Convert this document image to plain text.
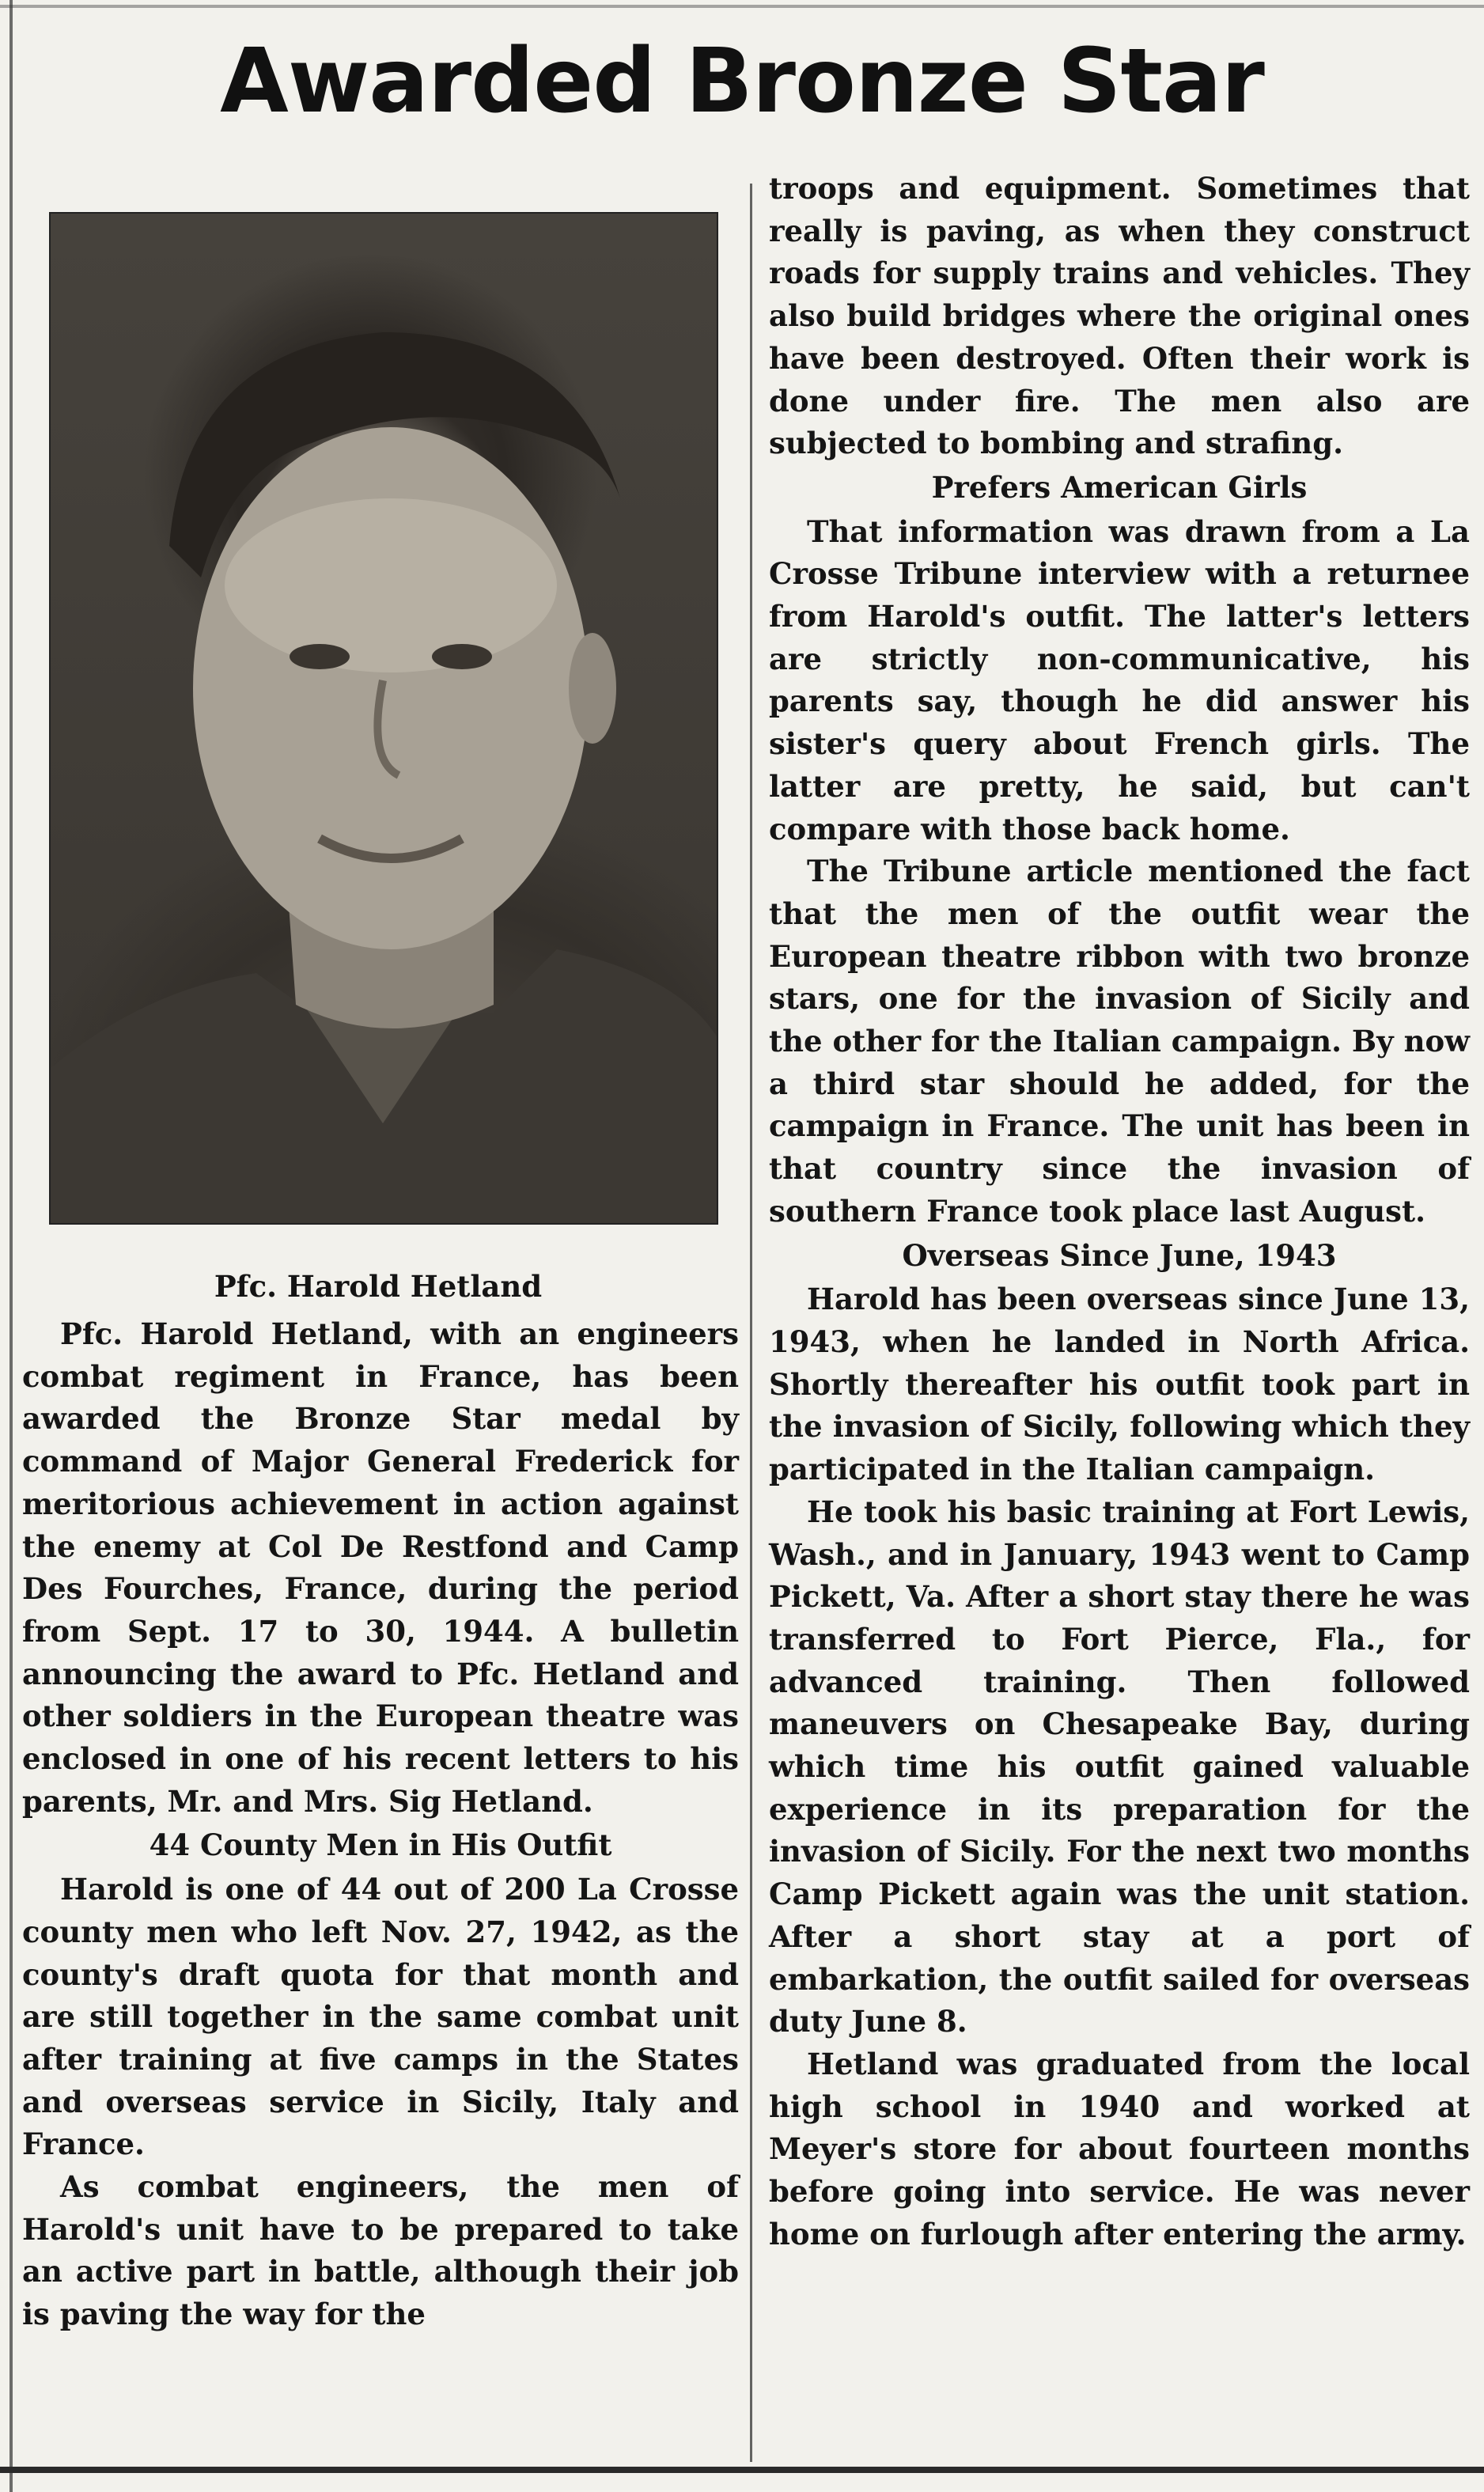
Awarded Bronze Star
Pfc. Harold Hetland

Pfc. Harold Hetland, with an engineers combat regiment in France, has been awarded the Bronze Star medal by command of Major General Frederick for meritorious achievement in action against the enemy at Col De Restfond and Camp Des Fourches, France, during the period from Sept. 17 to 30, 1944. A bulletin announcing the award to Pfc. Hetland and other soldiers in the European theatre was enclosed in one of his recent letters to his parents, Mr. and Mrs. Sig Hetland.

44 County Men in His Outfit

Harold is one of 44 out of 200 La Crosse county men who left Nov. 27, 1942, as the county's draft quota for that month and are still together in the same combat unit after training at five camps in the States and overseas service in Sicily, Italy and France.

As combat engineers, the men of Harold's unit have to be prepared to take an active part in battle, although their job is paving the way for the

troops and equipment. Sometimes that really is paving, as when they construct roads for supply trains and vehicles. They also build bridges where the original ones have been destroyed. Often their work is done under fire. The men also are subjected to bombing and strafing.

Prefers American Girls

That information was drawn from a La Crosse Tribune interview with a returnee from Harold's outfit. The latter's letters are strictly non-communicative, his parents say, though he did answer his sister's query about French girls. The latter are pretty, he said, but can't compare with those back home.

The Tribune article mentioned the fact that the men of the outfit wear the European theatre ribbon with two bronze stars, one for the invasion of Sicily and the other for the Italian campaign. By now a third star should he added, for the campaign in France. The unit has been in that country since the invasion of southern France took place last August.

Overseas Since June, 1943

Harold has been overseas since June 13, 1943, when he landed in North Africa. Shortly thereafter his outfit took part in the invasion of Sicily, following which they participated in the Italian campaign.

He took his basic training at Fort Lewis, Wash., and in January, 1943 went to Camp Pickett, Va. After a short stay there he was transferred to Fort Pierce, Fla., for advanced training. Then followed maneuvers on Chesapeake Bay, during which time his outfit gained valuable experience in its preparation for the invasion of Sicily. For the next two months Camp Pickett again was the unit station. After a short stay at a port of embarkation, the outfit sailed for overseas duty June 8.

Hetland was graduated from the local high school in 1940 and worked at Meyer's store for about fourteen months before going into service. He was never home on furlough after entering the army.
